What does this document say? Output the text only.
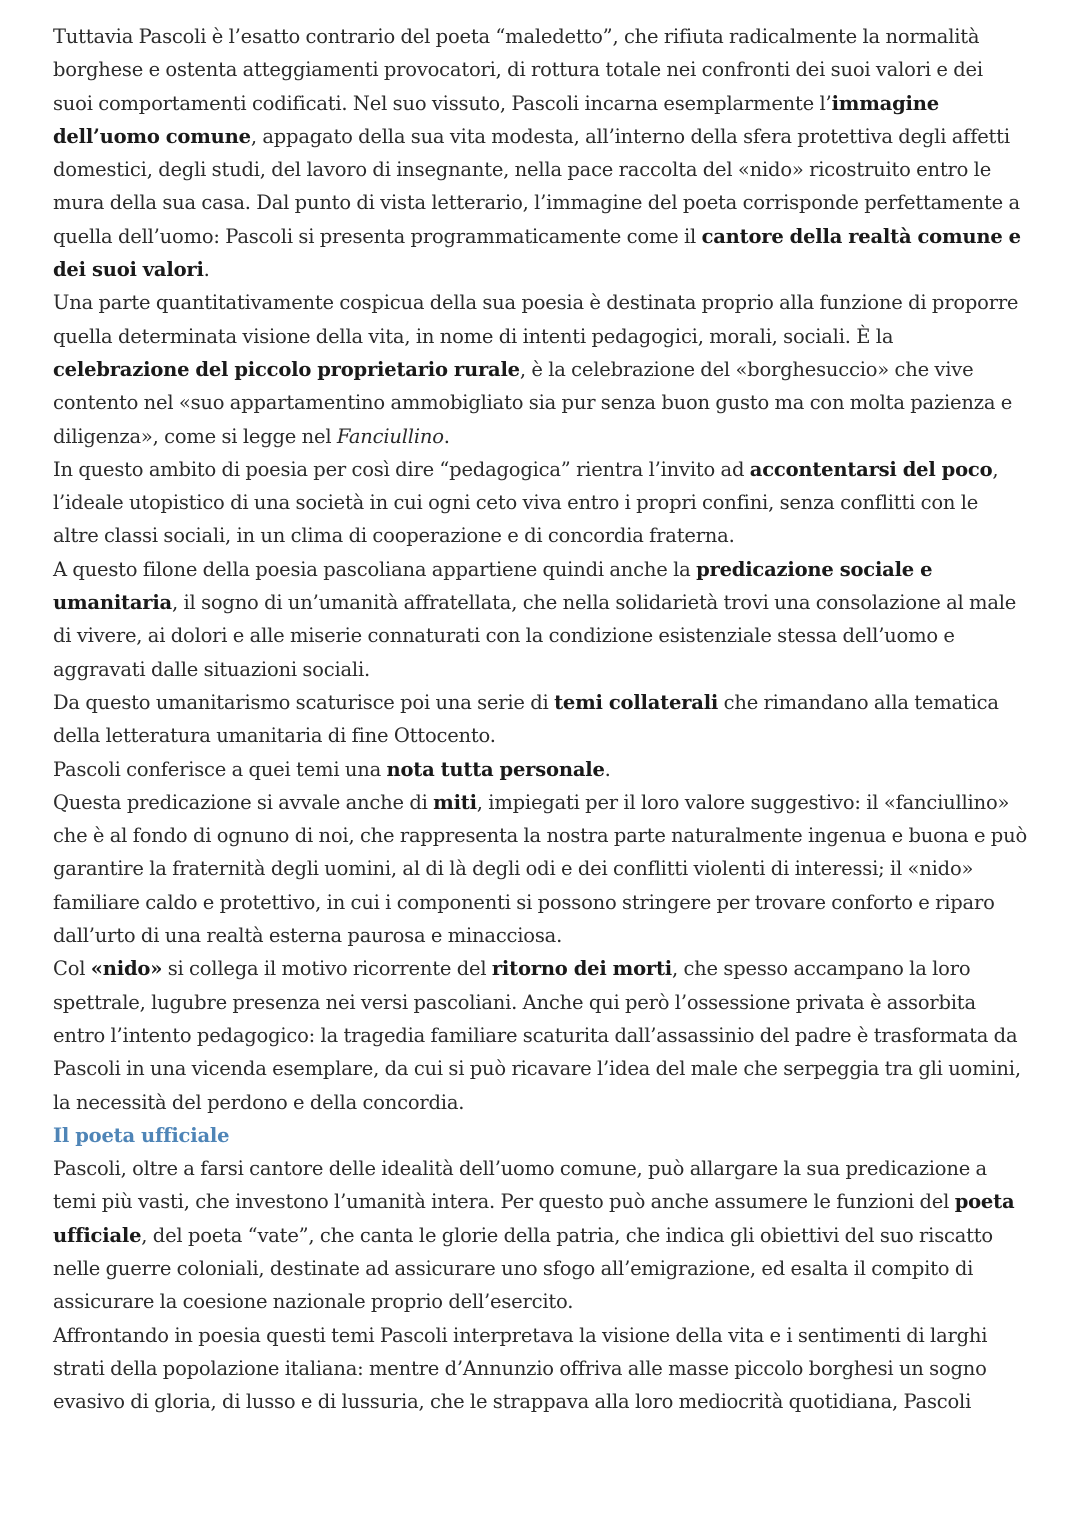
Tuttavia Pascoli è l’esatto contrario del poeta “maledetto”, che rifiuta radicalmente la normalità borghese e ostenta atteggiamenti provocatori, di rottura totale nei confronti dei suoi valori e dei suoi comportamenti codificati. Nel suo vissuto, Pascoli incarna esemplarmente l’immagine dell’uomo comune, appagato della sua vita modesta, all’interno della sfera protettiva degli affetti domestici, degli studi, del lavoro di insegnante, nella pace raccolta del «nido» ricostruito entro le mura della sua casa. Dal punto di vista letterario, l’immagine del poeta corrisponde perfettamente a quella dell’uomo: Pascoli si presenta programmaticamente come il cantore della realtà comune e dei suoi valori.

Una parte quantitativamente cospicua della sua poesia è destinata proprio alla funzione di proporre quella determinata visione della vita, in nome di intenti pedagogici, morali, sociali. È la celebrazione del piccolo proprietario rurale, è la celebrazione del «borghesuccio» che vive contento nel «suo appartamentino ammobigliato sia pur senza buon gusto ma con molta pazienza e diligenza», come si legge nel Fanciullino.

In questo ambito di poesia per così dire “pedagogica” rientra l’invito ad accontentarsi del poco, l’ideale utopistico di una società in cui ogni ceto viva entro i propri confini, senza conflitti con le altre classi sociali, in un clima di cooperazione e di concordia fraterna.

A questo filone della poesia pascoliana appartiene quindi anche la predicazione sociale e umanitaria, il sogno di un’umanità affratellata, che nella solidarietà trovi una consolazione al male di vivere, ai dolori e alle miserie connaturati con la condizione esistenziale stessa dell’uomo e aggravati dalle situazioni sociali.

Da questo umanitarismo scaturisce poi una serie di temi collaterali che rimandano alla tematica della letteratura umanitaria di fine Ottocento.

Pascoli conferisce a quei temi una nota tutta personale.

Questa predicazione si avvale anche di miti, impiegati per il loro valore suggestivo: il «fanciullino» che è al fondo di ognuno di noi, che rappresenta la nostra parte naturalmente ingenua e buona e può garantire la fraternità degli uomini, al di là degli odi e dei conflitti violenti di interessi; il «nido» familiare caldo e protettivo, in cui i componenti si possono stringere per trovare conforto e riparo dall’urto di una realtà esterna paurosa e minacciosa.

Col «nido» si collega il motivo ricorrente del ritorno dei morti, che spesso accampano la loro spettrale, lugubre presenza nei versi pascoliani. Anche qui però l’ossessione privata è assorbita entro l’intento pedagogico: la tragedia familiare scaturita dall’assassinio del padre è trasformata da Pascoli in una vicenda esemplare, da cui si può ricavare l’idea del male che serpeggia tra gli uomini, la necessità del perdono e della concordia.

Il poeta ufficiale

Pascoli, oltre a farsi cantore delle idealità dell’uomo comune, può allargare la sua predicazione a temi più vasti, che investono l’umanità intera. Per questo può anche assumere le funzioni del poeta ufficiale, del poeta “vate”, che canta le glorie della patria, che indica gli obiettivi del suo riscatto nelle guerre coloniali, destinate ad assicurare uno sfogo all’emigrazione, ed esalta il compito di assicurare la coesione nazionale proprio dell’esercito.

Affrontando in poesia questi temi Pascoli interpretava la visione della vita e i sentimenti di larghi strati della popolazione italiana: mentre d’Annunzio offriva alle masse piccolo borghesi un sogno evasivo di gloria, di lusso e di lussuria, che le strappava alla loro mediocrità quotidiana, Pascoli
